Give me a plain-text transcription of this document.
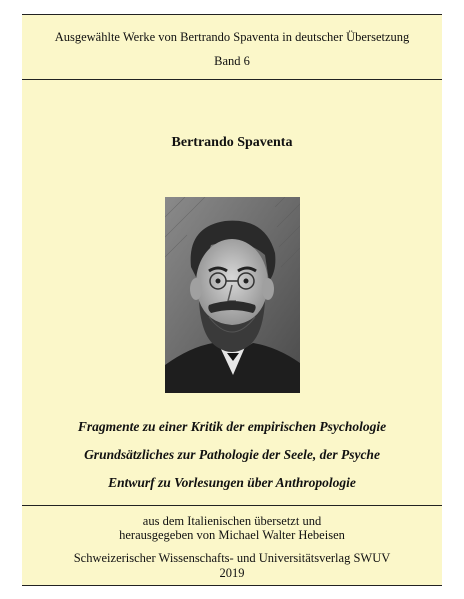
Ausgewählte Werke von Bertrando Spaventa in deutscher Übersetzung
Band 6
Bertrando Spaventa
Fragmente zu einer Kritik der empirischen Psychologie
Grundsätzliches zur Pathologie der Seele, der Psyche
Entwurf zu Vorlesungen über Anthropologie
aus dem Italienischen übersetzt und
herausgegeben von Michael Walter Hebeisen
Schweizerischer Wissenschafts- und Universitätsverlag SWUV
2019
